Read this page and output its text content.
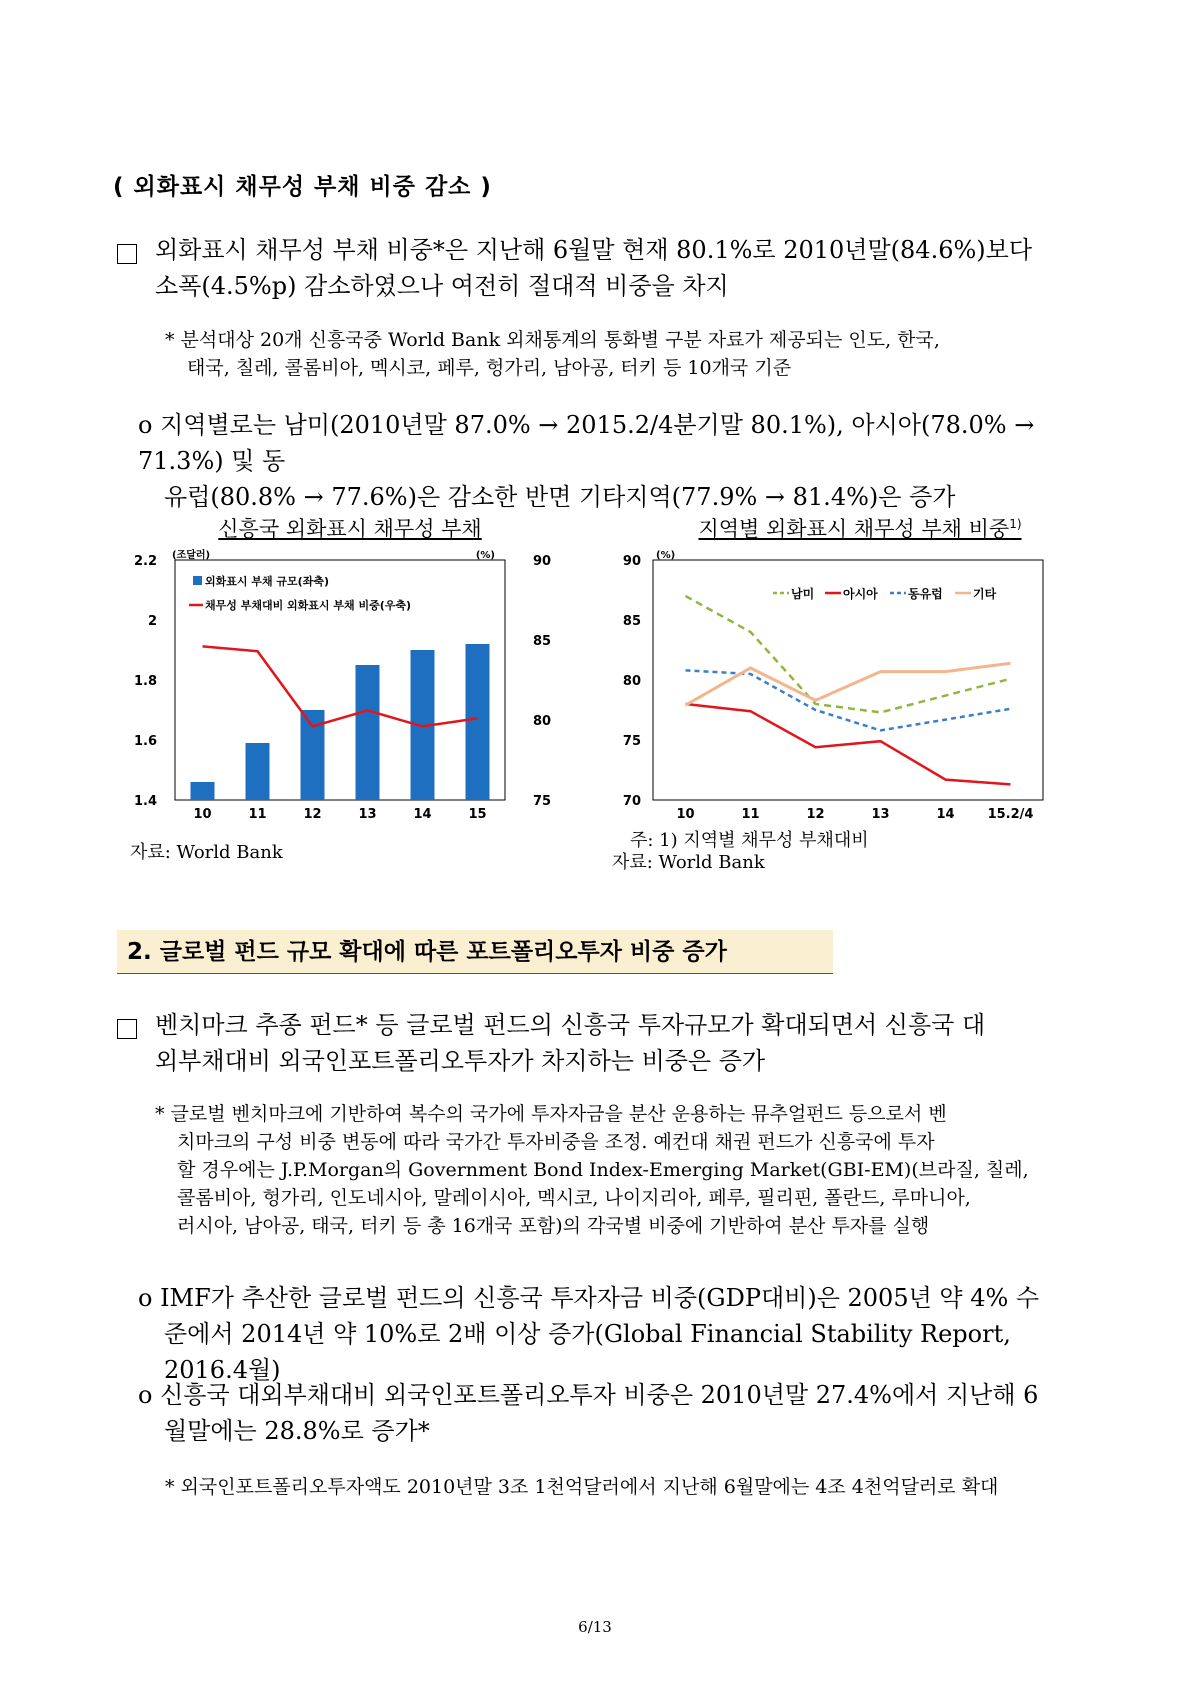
( 외화표시 채무성 부채 비중 감소 )
외화표시 채무성 부채 비중*은 지난해 6월말 현재 80.1%로 2010년말(84.6%)보다
소폭(4.5%p) 감소하였으나 여전히 절대적 비중을 차지
* 분석대상 20개 신흥국중 World Bank 외채통계의 통화별 구분 자료가 제공되는 인도, 한국,
태국, 칠레, 콜롬비아, 멕시코, 페루, 헝가리, 남아공, 터키 등 10개국 기준
o 지역별로는 남미(2010년말 87.0% → 2015.2/4분기말 80.1%), 아시아(78.0% → 71.3%) 및 동
유럽(80.8% → 77.6%)은 감소한 반면 기타지역(77.9% → 81.4%)은 증가
신흥국 외화표시 채무성 부채	지역별 외화표시 채무성 부채 비중$^{1)}$
1.4
1.6
1.8
2
2.2
75
80
85
90
(조달러)	(%)
10	11	12	13	14	15
외화표시 부채 규모(좌축)
채무성 부채대비 외화표시 부채 비중(우축)
70
75
80
85
90 (%)
10	11	12	13	14	15.2/4
남미 아시아	동유럽	기타
자료: World Bank
주: 1) 지역별 채무성 부채대비
자료: World Bank
2. 글로벌 펀드 규모 확대에 따른 포트폴리오투자 비중 증가
벤치마크 추종 펀드* 등 글로벌 펀드의 신흥국 투자규모가 확대되면서 신흥국 대
외부채대비 외국인포트폴리오투자가 차지하는 비중은 증가
* 글로벌 벤치마크에 기반하여 복수의 국가에 투자자금을 분산 운용하는 뮤추얼펀드 등으로서 벤
치마크의 구성 비중 변동에 따라 국가간 투자비중을 조정. 예컨대 채권 펀드가 신흥국에 투자
할 경우에는 J.P.Morgan의 Government Bond Index-Emerging Market(GBI-EM)(브라질, 칠레,
콜롬비아, 헝가리, 인도네시아, 말레이시아, 멕시코, 나이지리아, 페루, 필리핀, 폴란드, 루마니아,
러시아, 남아공, 태국, 터키 등 총 16개국 포함)의 각국별 비중에 기반하여 분산 투자를 실행
o IMF가 추산한 글로벌 펀드의 신흥국 투자자금 비중(GDP대비)은 2005년 약 4% 수
준에서 2014년 약 10%로 2배 이상 증가(Global Financial Stability Report, 2016.4월)
o 신흥국 대외부채대비 외국인포트폴리오투자 비중은 2010년말 27.4%에서 지난해 6
월말에는 28.8%로 증가*
* 외국인포트폴리오투자액도 2010년말 3조 1천억달러에서 지난해 6월말에는 4조 4천억달러로 확대
6/13
